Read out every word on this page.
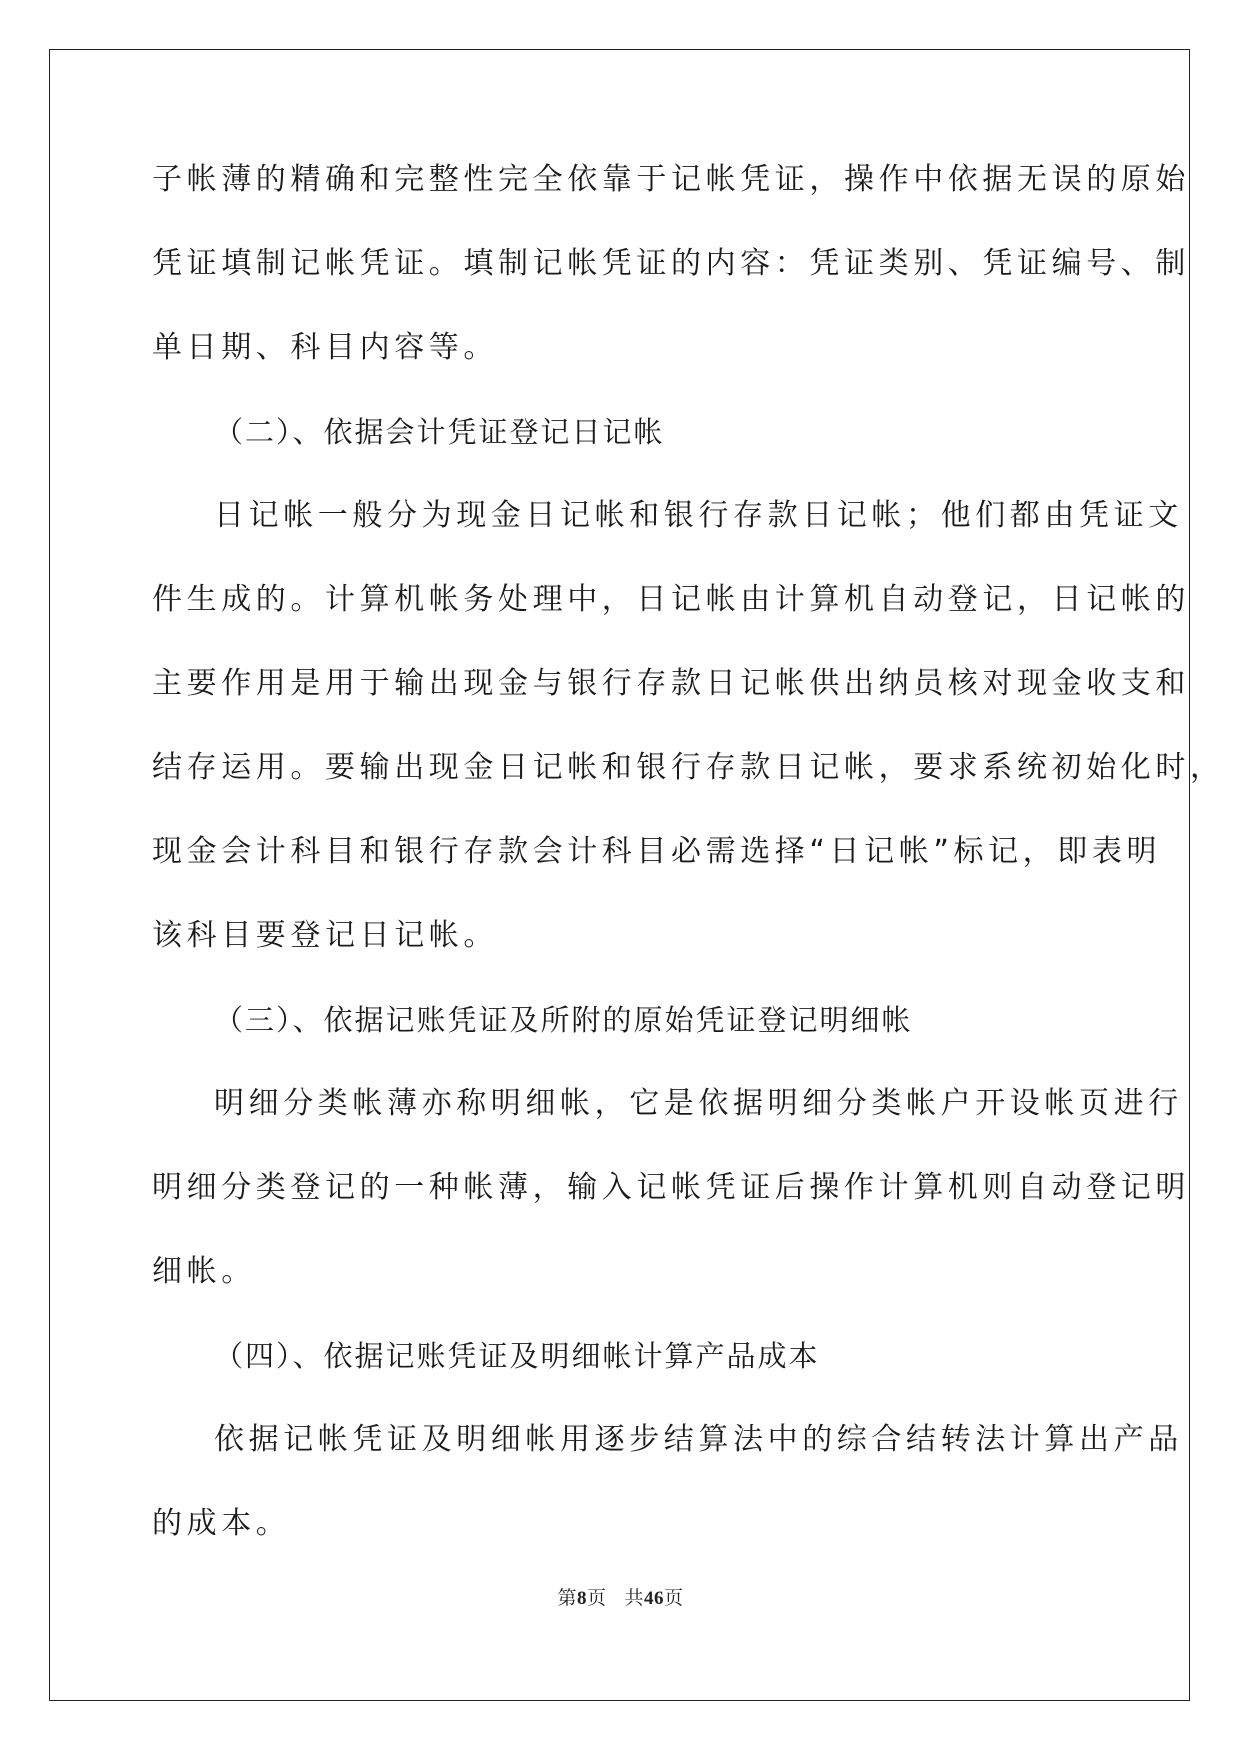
子帐薄的精确和完整性完全依靠于记帐凭证，操作中依据无误的原始
凭证填制记帐凭证。填制记帐凭证的内容：凭证类别、凭证编号、制
单日期、科目内容等。
（二）、依据会计凭证登记日记帐
日记帐一般分为现金日记帐和银行存款日记帐；他们都由凭证文
件生成的。计算机帐务处理中，日记帐由计算机自动登记，日记帐的
主要作用是用于输出现金与银行存款日记帐供出纳员核对现金收支和
结存运用。要输出现金日记帐和银行存款日记帐，要求系统初始化时，
现金会计科目和银行存款会计科目必需选择“日记帐”标记，即表明
该科目要登记日记帐。
（三）、依据记账凭证及所附的原始凭证登记明细帐
明细分类帐薄亦称明细帐，它是依据明细分类帐户开设帐页进行
明细分类登记的一种帐薄，输入记帐凭证后操作计算机则自动登记明
细帐。
（四）、依据记账凭证及明细帐计算产品成本
依据记帐凭证及明细帐用逐步结算法中的综合结转法计算出产品
的成本。
第8页 共46页
